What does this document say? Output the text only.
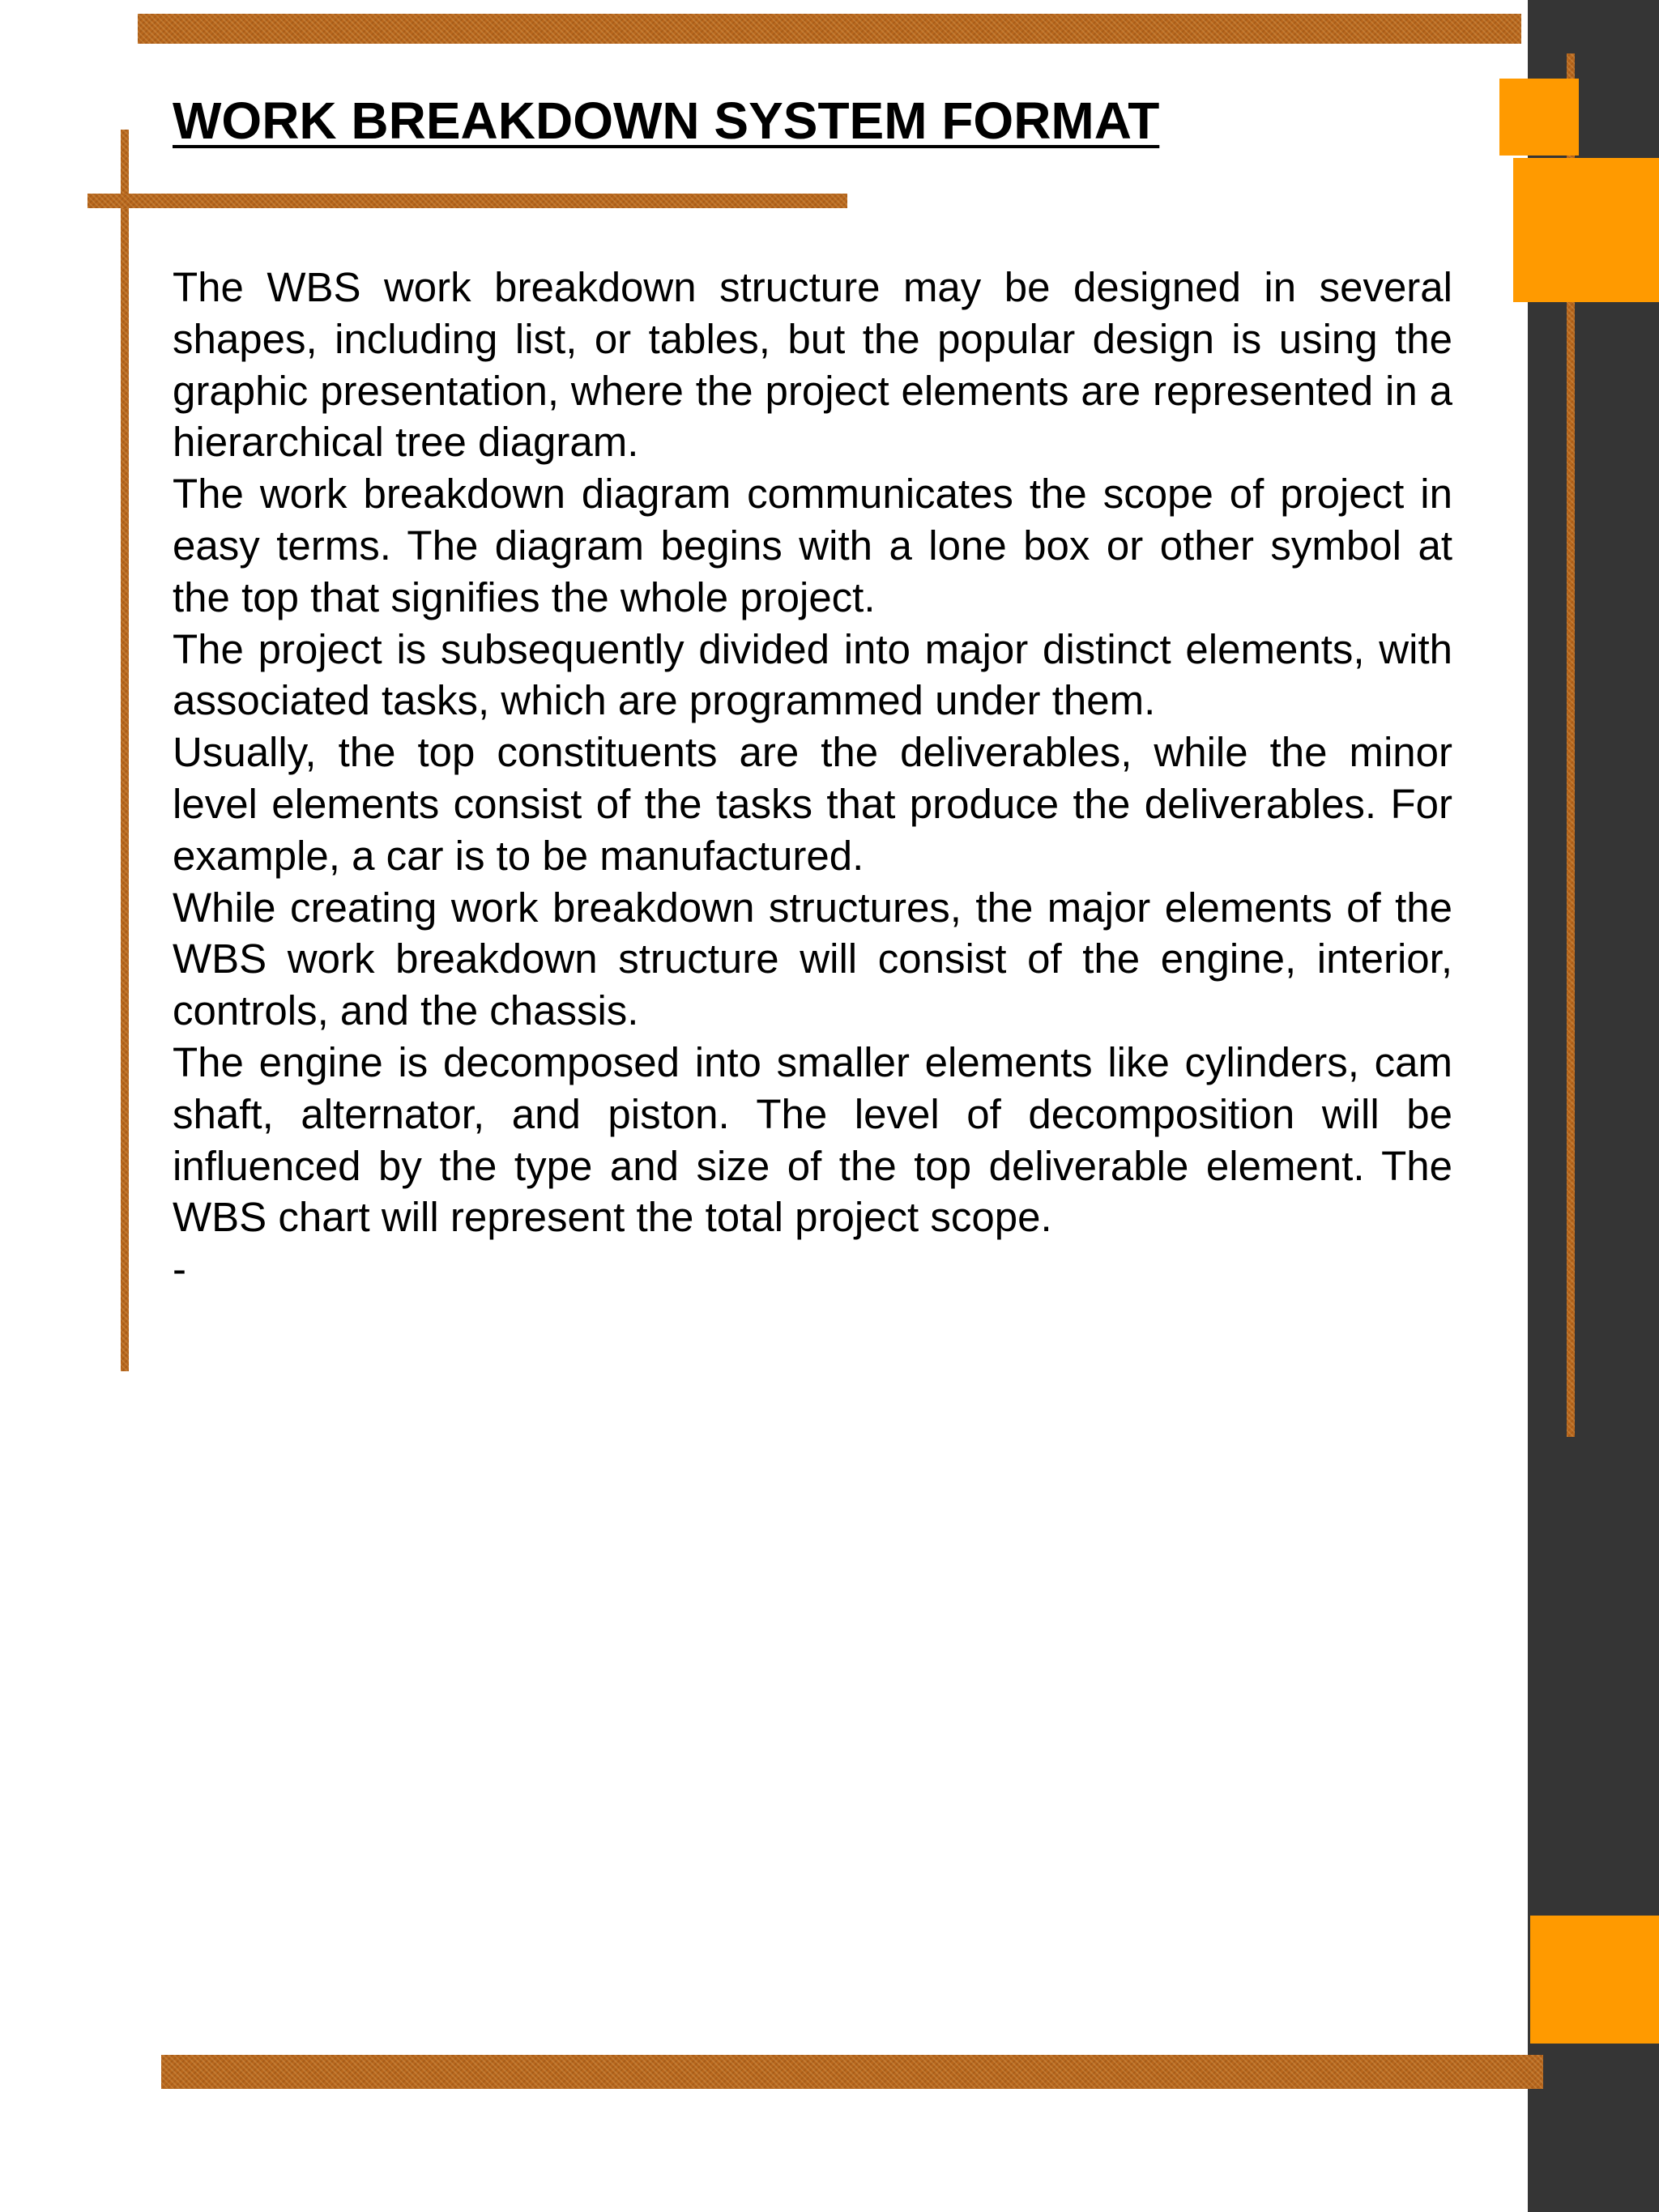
WORK BREAKDOWN SYSTEM FORMAT

The WBS work breakdown structure may be designed in several shapes, including list, or tables, but the popular design is using the graphic presentation, where the project elements are represented in a hierarchical tree diagram.

The work breakdown diagram communicates the scope of project in easy terms. The diagram begins with a lone box or other symbol at the top that signifies the whole project.

The project is subsequently divided into major distinct elements, with associated tasks, which are programmed under them.

Usually, the top constituents are the deliverables, while the minor level elements consist of the tasks that produce the deliverables. For example, a car is to be manufactured.

While creating work breakdown structures, the major elements of the WBS work breakdown structure will consist of the engine, interior, controls, and the chassis.

The engine is decomposed into smaller elements like cylinders, cam shaft, alternator, and piston. The level of decomposition will be influenced by the type and size of the top deliverable element. The WBS chart will represent the total project scope.

-
